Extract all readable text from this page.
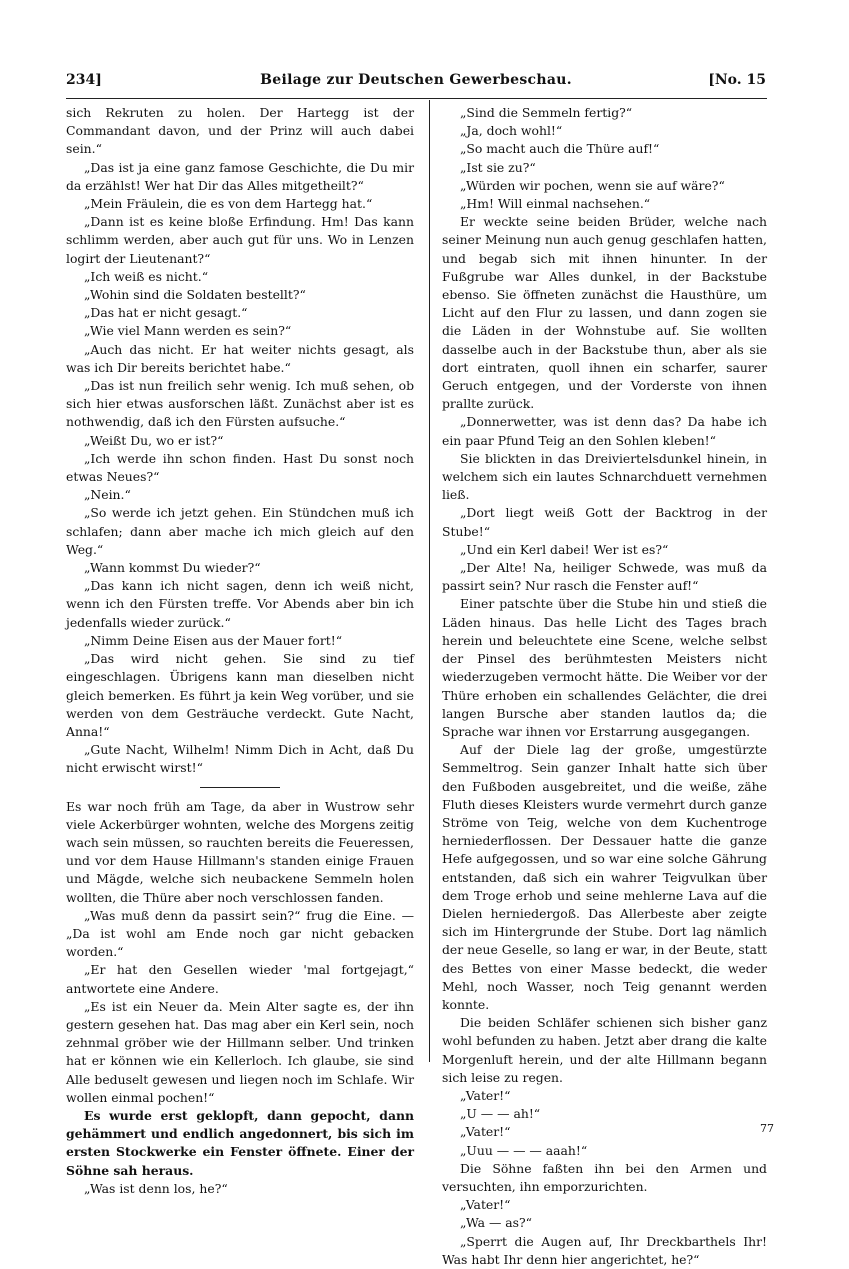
234]	Beilage zur Deutschen Gewerbeschau.	[No. 15

sich Rekruten zu holen. Der Hartegg ist der Commandant davon, und der Prinz will auch dabei sein.“

„Das ist ja eine ganz famose Geschichte, die Du mir da erzählst! Wer hat Dir das Alles mitgetheilt?“

„Mein Fräulein, die es von dem Hartegg hat.“

„Dann ist es keine bloße Erfindung. Hm! Das kann schlimm werden, aber auch gut für uns. Wo in Lenzen logirt der Lieutenant?“

„Ich weiß es nicht.“

„Wohin sind die Soldaten bestellt?“

„Das hat er nicht gesagt.“

„Wie viel Mann werden es sein?“

„Auch das nicht. Er hat weiter nichts gesagt, als was ich Dir bereits berichtet habe.“

„Das ist nun freilich sehr wenig. Ich muß sehen, ob sich hier etwas ausforschen läßt. Zunächst aber ist es nothwendig, daß ich den Fürsten aufsuche.“

„Weißt Du, wo er ist?“

„Ich werde ihn schon finden. Hast Du sonst noch etwas Neues?“

„Nein.“

„So werde ich jetzt gehen. Ein Stündchen muß ich schlafen; dann aber mache ich mich gleich auf den Weg.“

„Wann kommst Du wieder?“

„Das kann ich nicht sagen, denn ich weiß nicht, wenn ich den Fürsten treffe. Vor Abends aber bin ich jedenfalls wieder zurück.“

„Nimm Deine Eisen aus der Mauer fort!“

„Das wird nicht gehen. Sie sind zu tief eingeschlagen. Übrigens kann man dieselben nicht gleich bemerken. Es führt ja kein Weg vorüber, und sie werden von dem Gesträuche verdeckt. Gute Nacht, Anna!“

„Gute Nacht, Wilhelm! Nimm Dich in Acht, daß Du nicht erwischt wirst!“

Es war noch früh am Tage, da aber in Wustrow sehr viele Ackerbürger wohnten, welche des Morgens zeitig wach sein müssen, so rauchten bereits die Feueressen, und vor dem Hause Hillmann's standen einige Frauen und Mägde, welche sich neubackene Semmeln holen wollten, die Thüre aber noch verschlossen fanden.

„Was muß denn da passirt sein?“ frug die Eine. — „Da ist wohl am Ende noch gar nicht gebacken worden.“

„Er hat den Gesellen wieder 'mal fortgejagt,“ antwortete eine Andere.

„Es ist ein Neuer da. Mein Alter sagte es, der ihn gestern gesehen hat. Das mag aber ein Kerl sein, noch zehnmal gröber wie der Hillmann selber. Und trinken hat er können wie ein Kellerloch. Ich glaube, sie sind Alle beduselt gewesen und liegen noch im Schlafe. Wir wollen einmal pochen!“

Es wurde erst geklopft, dann gepocht, dann gehämmert und endlich angedonnert, bis sich im ersten Stockwerke ein Fenster öffnete. Einer der Söhne sah heraus.

„Was ist denn los, he?“

„Sind die Semmeln fertig?“

„Ja, doch wohl!“

„So macht auch die Thüre auf!“

„Ist sie zu?“

„Würden wir pochen, wenn sie auf wäre?“

„Hm! Will einmal nachsehen.“

Er weckte seine beiden Brüder, welche nach seiner Meinung nun auch genug geschlafen hatten, und begab sich mit ihnen hinunter. In der Fußgrube war Alles dunkel, in der Backstube ebenso. Sie öffneten zunächst die Hausthüre, um Licht auf den Flur zu lassen, und dann zogen sie die Läden in der Wohnstube auf. Sie wollten dasselbe auch in der Backstube thun, aber als sie dort eintraten, quoll ihnen ein scharfer, saurer Geruch entgegen, und der Vorderste von ihnen prallte zurück.

„Donnerwetter, was ist denn das? Da habe ich ein paar Pfund Teig an den Sohlen kleben!“

Sie blickten in das Dreiviertelsdunkel hinein, in welchem sich ein lautes Schnarchduett vernehmen ließ.

„Dort liegt weiß Gott der Backtrog in der Stube!“

„Und ein Kerl dabei! Wer ist es?“

„Der Alte! Na, heiliger Schwede, was muß da passirt sein? Nur rasch die Fenster auf!“

Einer patschte über die Stube hin und stieß die Läden hinaus. Das helle Licht des Tages brach herein und beleuchtete eine Scene, welche selbst der Pinsel des berühmtesten Meisters nicht wiederzugeben vermocht hätte. Die Weiber vor der Thüre erhoben ein schallendes Gelächter, die drei langen Bursche aber standen lautlos da; die Sprache war ihnen vor Erstarrung ausgegangen.

Auf der Diele lag der große, umgestürzte Semmeltrog. Sein ganzer Inhalt hatte sich über den Fußboden ausgebreitet, und die weiße, zähe Fluth dieses Kleisters wurde vermehrt durch ganze Ströme von Teig, welche von dem Kuchentroge herniederflossen. Der Dessauer hatte die ganze Hefe aufgegossen, und so war eine solche Gährung entstanden, daß sich ein wahrer Teigvulkan über dem Troge erhob und seine mehlerne Lava auf die Dielen herniedergoß. Das Allerbeste aber zeigte sich im Hintergrunde der Stube. Dort lag nämlich der neue Geselle, so lang er war, in der Beute, statt des Bettes von einer Masse bedeckt, die weder Mehl, noch Wasser, noch Teig genannt werden konnte.

Die beiden Schläfer schienen sich bisher ganz wohl befunden zu haben. Jetzt aber drang die kalte Morgenluft herein, und der alte Hillmann begann sich leise zu regen.

„Vater!“

„U — — ah!“

„Vater!“

„Uuu — — — aaah!“

Die Söhne faßten ihn bei den Armen und versuchten, ihn emporzurichten.

„Vater!“

„Wa — as?“

„Sperrt die Augen auf, Ihr Dreckbarthels Ihr! Was habt Ihr denn hier angerichtet, he?“

77
